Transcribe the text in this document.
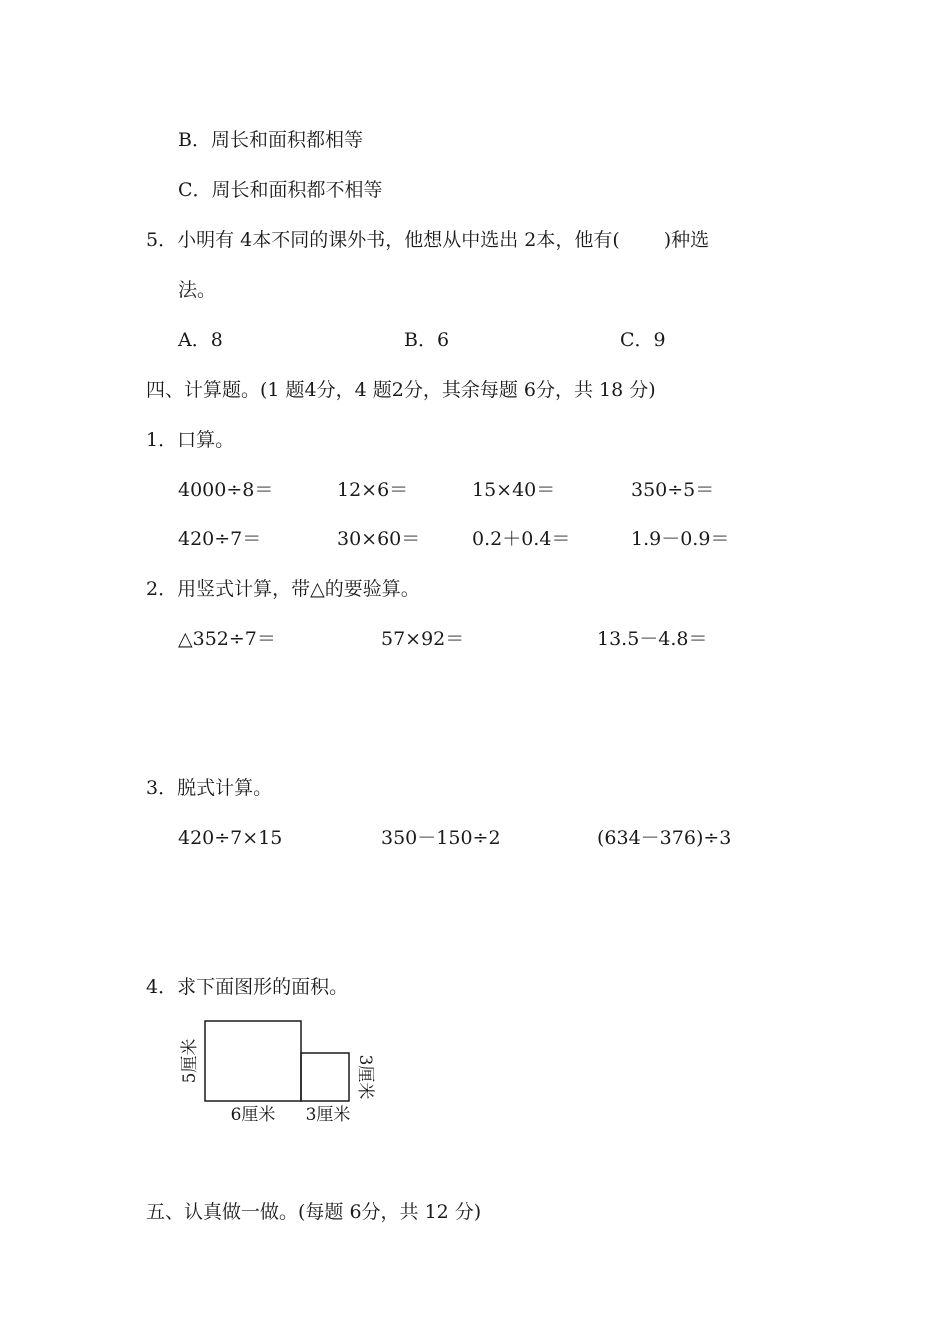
B．周长和面积都相等
C．周长和面积都不相等
5．小明有 4本不同的课外书，他想从中选出 2本，他有( )种选
法。
A．8	B．6	C．9
四、计算题。(1 题4分，4 题2分，其余每题 6分，共 18 分)
1．口算。
4000÷8＝	12×6＝	15×40＝	350÷5＝
420÷7＝	30×60＝	0.2＋0.4＝	1.9－0.9＝
2．用竖式计算，带△的要验算。
△352÷7＝	57×92＝	13.5－4.8＝
3．脱式计算。
420÷7×15	350－150÷2	(634－376)÷3
4．求下面图形的面积。
5厘米
6厘米 3厘米
3厘米
五、认真做一做。(每题 6分，共 12 分)
